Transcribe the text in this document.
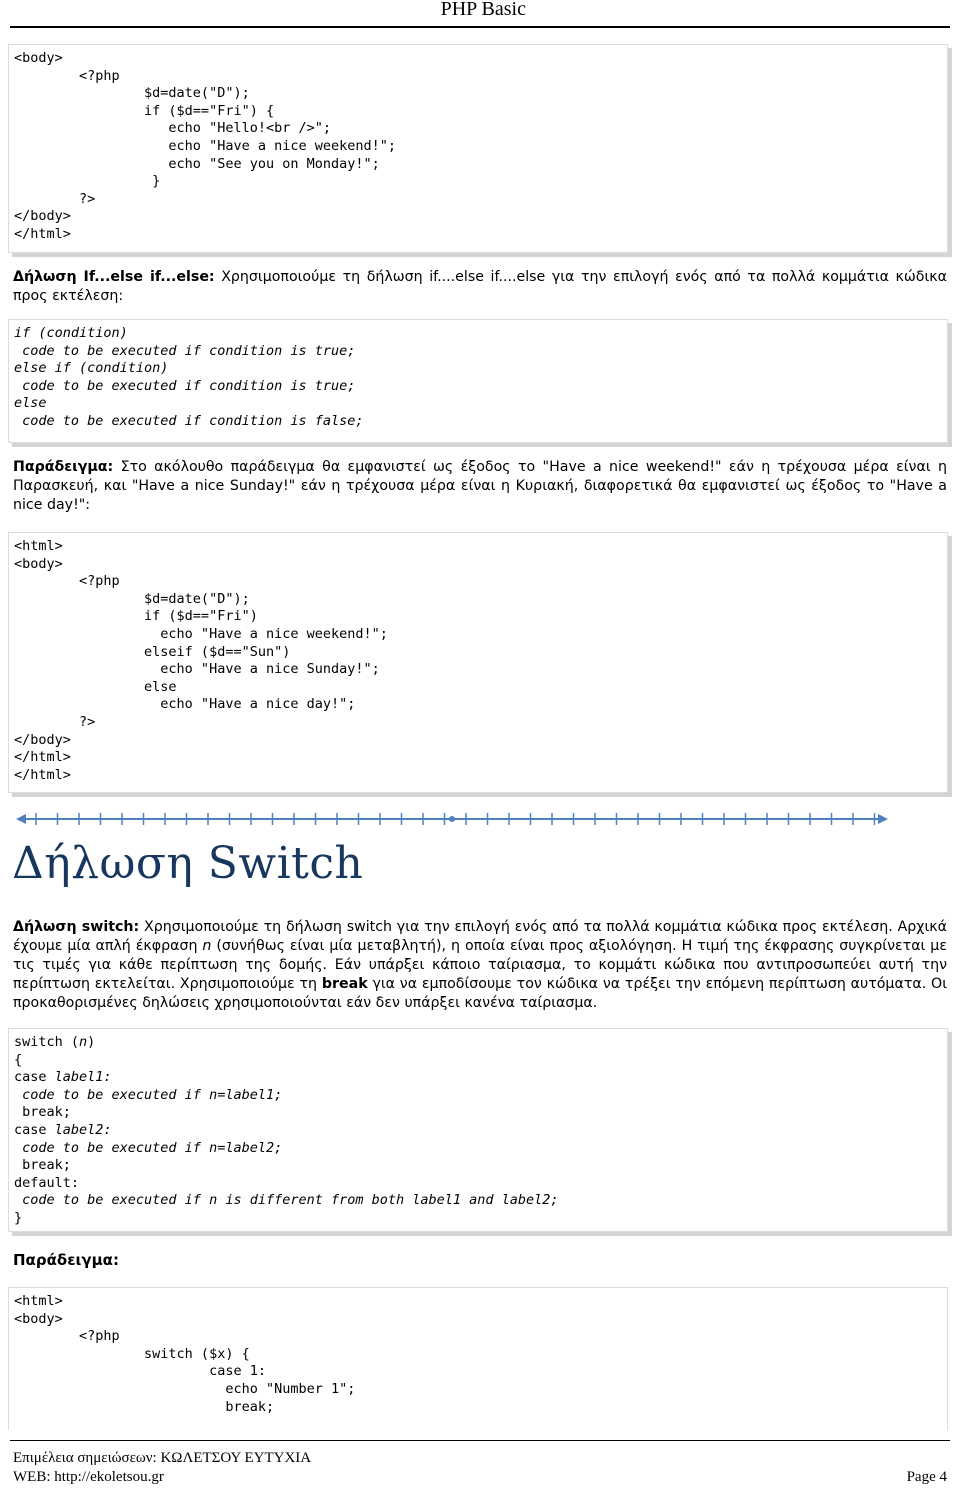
PHP Basic
<body>
<?php
$d=date("D");
if ($d=="Fri") {
echo "Hello!<br />";
echo "Have a nice weekend!";
echo "See you on Monday!";
}
?>
</body>
</html>
Δήλωση If...else if...else: Χρησιμοποιούμε τη δήλωση if....else if....else για την επιλογή ενός από τα πολλά κομμάτια κώδικα προς εκτέλεση:
if (condition)
code to be executed if condition is true;
else if (condition)
code to be executed if condition is true;
else
code to be executed if condition is false;
Παράδειγμα: Στο ακόλουθο παράδειγμα θα εμφανιστεί ως έξοδος το "Have a nice weekend!" εάν η τρέχουσα μέρα είναι η Παρασκευή, και "Have a nice Sunday!" εάν η τρέχουσα μέρα είναι η Κυριακή, διαφορετικά θα εμφανιστεί ως έξοδος το "Have a nice day!":
<html>
<body>
<?php
$d=date("D");
if ($d=="Fri")
echo "Have a nice weekend!";
elseif ($d=="Sun")
echo "Have a nice Sunday!";
else
echo "Have a nice day!";
?>
</body>
</html>
</html>
Δήλωση Switch
Δήλωση switch: Χρησιμοποιούμε τη δήλωση switch για την επιλογή ενός από τα πολλά κομμάτια κώδικα προς εκτέλεση. Αρχικά έχουμε μία απλή έκφραση n (συνήθως είναι μία μεταβλητή), η οποία είναι προς αξιολόγηση. Η τιμή της έκφρασης συγκρίνεται με τις τιμές για κάθε περίπτωση της δομής. Εάν υπάρξει κάποιο ταίριασμα, το κομμάτι κώδικα που αντιπροσωπεύει αυτή την περίπτωση εκτελείται. Χρησιμοποιούμε τη break για να εμποδίσουμε τον κώδικα να τρέξει την επόμενη περίπτωση αυτόματα. Οι προκαθορισμένες δηλώσεις χρησιμοποιούνται εάν δεν υπάρξει κανένα ταίριασμα.
switch (n)
{
case label1:
code to be executed if n=label1;
break;
case label2:
code to be executed if n=label2;
break;
default:
code to be executed if n is different from both label1 and label2;
}
Παράδειγμα:
<html>
<body>
<?php
switch ($x) {
case 1:
echo "Number 1";
break;
Επιμέλεια σημειώσεων: ΚΩΛΕΤΣΟΥ ΕΥΤΥΧΙΑ
WEB: http://ekoletsou.gr	Page 4
